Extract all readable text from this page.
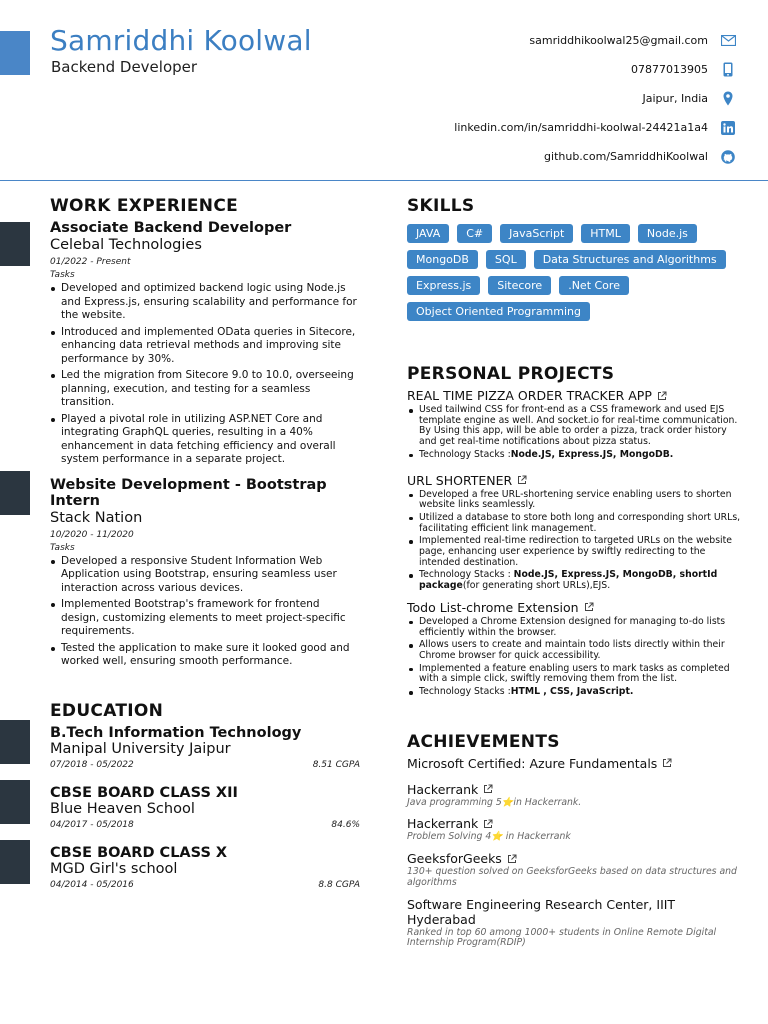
Samriddhi Koolwal
Backend Developer
samriddhikoolwal25@gmail.com
07877013905
Jaipur, India
linkedin.com/in/samriddhi-koolwal-24421a1a4
github.com/SamriddhiKoolwal
WORK EXPERIENCE
Associate Backend Developer
Celebal Technologies
01/2022 - Present
Tasks
Developed and optimized backend logic using Node.js and Express.js, ensuring scalability and performance for the website.
Introduced and implemented OData queries in Sitecore, enhancing data retrieval methods and improving site performance by 30%.
Led the migration from Sitecore 9.0 to 10.0, overseeing planning, execution, and testing for a seamless transition.
Played a pivotal role in utilizing ASP.NET Core and integrating GraphQL queries, resulting in a 40% enhancement in data fetching efficiency and overall system performance in a separate project.
Website Development - Bootstrap Intern
Stack Nation
10/2020 - 11/2020
Tasks
Developed a responsive Student Information Web Application using Bootstrap, ensuring seamless user interaction across various devices.
Implemented Bootstrap's framework for frontend design, customizing elements to meet project-specific requirements.
Tested the application to make sure it looked good and worked well, ensuring smooth performance.
EDUCATION
B.Tech Information Technology
Manipal University Jaipur
07/2018 - 05/2022	8.51 CGPA
CBSE BOARD CLASS XII
Blue Heaven School
04/2017 - 05/2018	84.6%
CBSE BOARD CLASS X
MGD Girl's school
04/2014 - 05/2016	8.8 CGPA
SKILLS
JAVA	C#	JavaScript	HTML	Node.js
MongoDB	SQL	Data Structures and Algorithms
Express.js	Sitecore	.Net Core
Object Oriented Programming
PERSONAL PROJECTS
REAL TIME PIZZA ORDER TRACKER APP
Used tailwind CSS for front-end as a CSS framework and used EJS template engine as well. And socket.io for real-time communication. By Using this app, will be able to order a pizza, track order history and get real-time notifications about pizza status.
Technology Stacks :Node.JS, Express.JS, MongoDB.
URL SHORTENER
Developed a free URL-shortening service enabling users to shorten website links seamlessly.
Utilized a database to store both long and corresponding short URLs, facilitating efficient link management.
Implemented real-time redirection to targeted URLs on the website page, enhancing user experience by swiftly redirecting to the intended destination.
Technology Stacks : Node.JS, Express.JS, MongoDB, shortId package(for generating short URLs),EJS.
Todo List-chrome Extension
Developed a Chrome Extension designed for managing to-do lists efficiently within the browser.
Allows users to create and maintain todo lists directly within their Chrome browser for quick accessibility.
Implemented a feature enabling users to mark tasks as completed with a simple click, swiftly removing them from the list.
Technology Stacks :HTML , CSS, JavaScript.
ACHIEVEMENTS
Microsoft Certified: Azure Fundamentals
Hackerrank
Java programming 5⭐in Hackerrank.
Hackerrank
Problem Solving 4⭐ in Hackerrank
GeeksforGeeks
130+ question solved on GeeksforGeeks based on data structures and algorithms
Software Engineering Research Center, IIIT Hyderabad
Ranked in top 60 among 1000+ students in Online Remote Digital Internship Program(RDIP)
